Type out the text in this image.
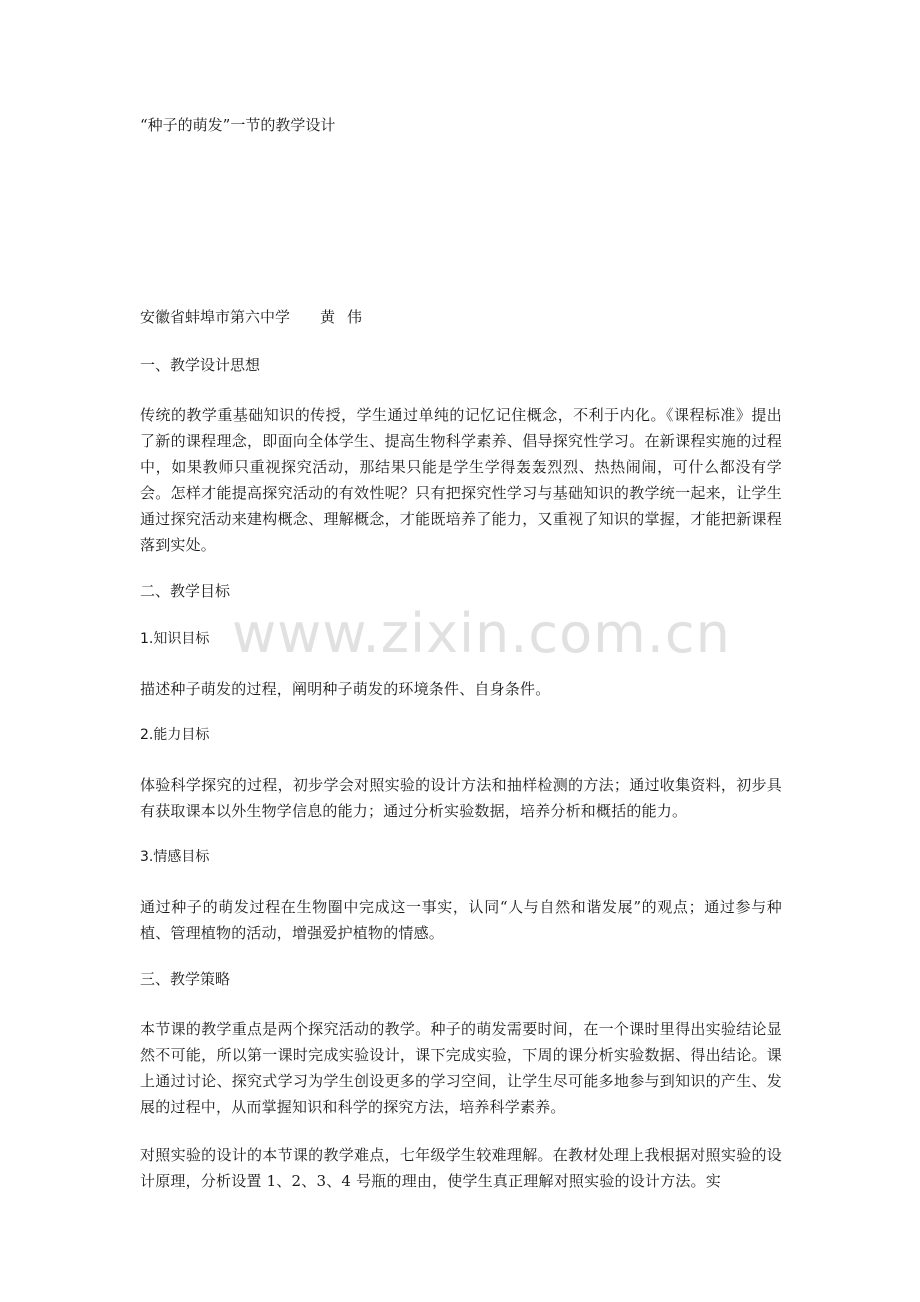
“种子的萌发”一节的教学设计
安徽省蚌埠市第六中学 黄伟
一、教学设计思想
传统的教学重基础知识的传授，学生通过单纯的记忆记住概念，不利于内化。《课程标准》提出了新的课程理念，即面向全体学生、提高生物科学素养、倡导探究性学习。在新课程实施的过程中，如果教师只重视探究活动，那结果只能是学生学得轰轰烈烈、热热闹闹，可什么都没有学会。怎样才能提高探究活动的有效性呢？只有把探究性学习与基础知识的教学统一起来，让学生通过探究活动来建构概念、理解概念，才能既培养了能力，又重视了知识的掌握，才能把新课程落到实处。
二、教学目标
1.知识目标
描述种子萌发的过程，阐明种子萌发的环境条件、自身条件。
2.能力目标
体验科学探究的过程，初步学会对照实验的设计方法和抽样检测的方法；通过收集资料，初步具有获取课本以外生物学信息的能力；通过分析实验数据，培养分析和概括的能力。
3.情感目标
通过种子的萌发过程在生物圈中完成这一事实，认同“人与自然和谐发展”的观点；通过参与种植、管理植物的活动，增强爱护植物的情感。
三、教学策略
本节课的教学重点是两个探究活动的教学。种子的萌发需要时间，在一个课时里得出实验结论显然不可能，所以第一课时完成实验设计，课下完成实验，下周的课分析实验数据、得出结论。课上通过讨论、探究式学习为学生创设更多的学习空间，让学生尽可能多地参与到知识的产生、发展的过程中，从而掌握知识和科学的探究方法，培养科学素养。
对照实验的设计的本节课的教学难点，七年级学生较难理解。在教材处理上我根据对照实验的设计原理，分析设置 1、2、3、4 号瓶的理由，使学生真正理解对照实验的设计方法。实
www.zixin.com.cn
